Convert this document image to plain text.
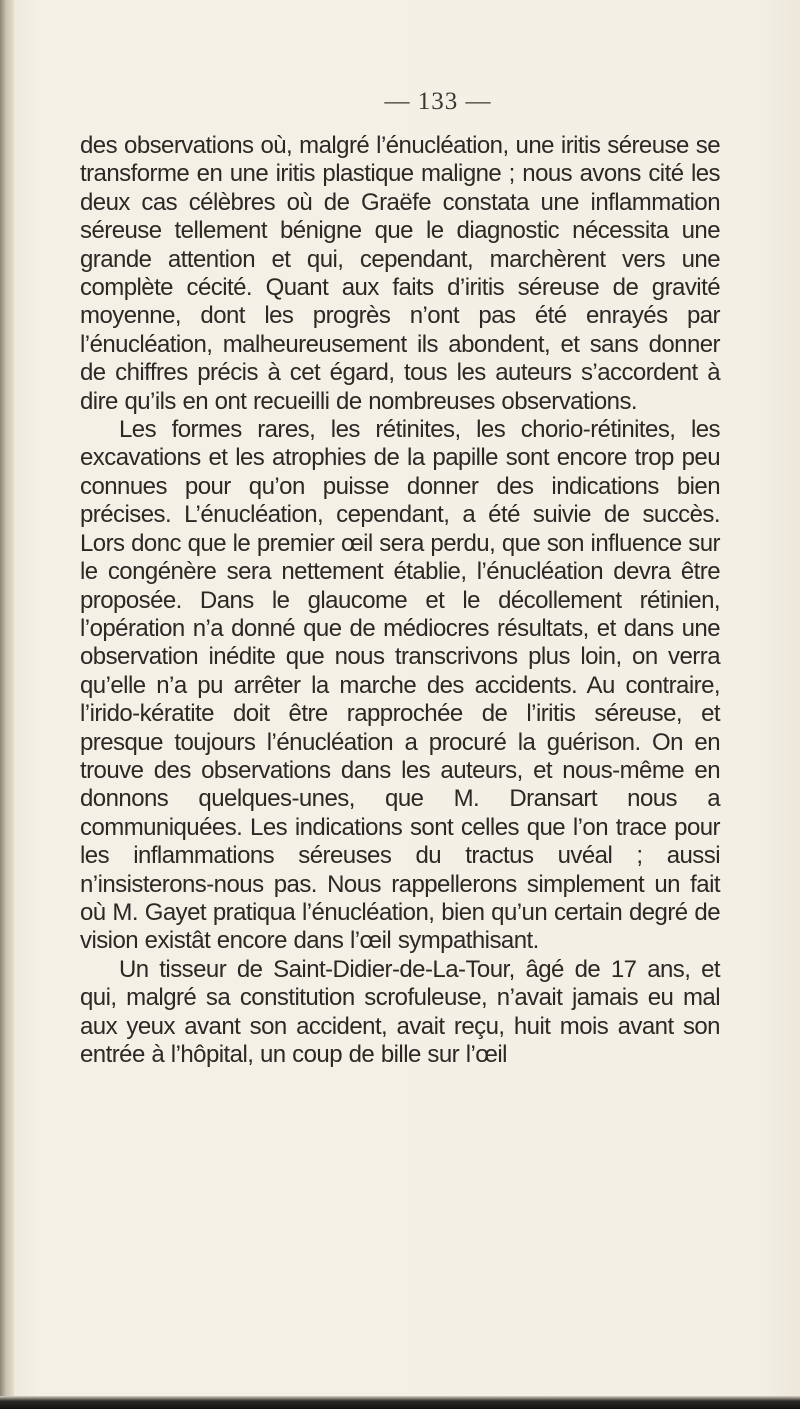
— 133 —

des observations où, malgré l’énucléation, une iritis séreuse se transforme en une iritis plastique maligne ; nous avons cité les deux cas célèbres où de Graëfe constata une inflammation séreuse tellement bénigne que le diagnostic nécessita une grande attention et qui, cependant, marchèrent vers une complète cécité. Quant aux faits d’iritis séreuse de gravité moyenne, dont les progrès n’ont pas été enrayés par l’énucléation, malheureusement ils abondent, et sans donner de chiffres précis à cet égard, tous les auteurs s’accordent à dire qu’ils en ont recueilli de nombreuses observations.

Les formes rares, les rétinites, les chorio-rétinites, les excavations et les atrophies de la papille sont encore trop peu connues pour qu’on puisse donner des indications bien précises. L’énucléation, cependant, a été suivie de succès. Lors donc que le premier œil sera perdu, que son influence sur le congénère sera nettement établie, l’énucléation devra être proposée. Dans le glaucome et le décollement rétinien, l’opération n’a donné que de médiocres résultats, et dans une observation inédite que nous transcrivons plus loin, on verra qu’elle n’a pu arrêter la marche des accidents. Au contraire, l’irido-kératite doit être rapprochée de l’iritis séreuse, et presque toujours l’énucléation a procuré la guérison. On en trouve des observations dans les auteurs, et nous-même en donnons quelques-unes, que M. Dransart nous a communiquées. Les indications sont celles que l’on trace pour les inflammations séreuses du tractus uvéal ; aussi n’insisterons-nous pas. Nous rappellerons simplement un fait où M. Gayet pratiqua l’énucléation, bien qu’un certain degré de vision existât encore dans l’œil sympathisant.

Un tisseur de Saint-Didier-de-La-Tour, âgé de 17 ans, et qui, malgré sa constitution scrofuleuse, n’avait jamais eu mal aux yeux avant son accident, avait reçu, huit mois avant son entrée à l’hôpital, un coup de bille sur l’œil
